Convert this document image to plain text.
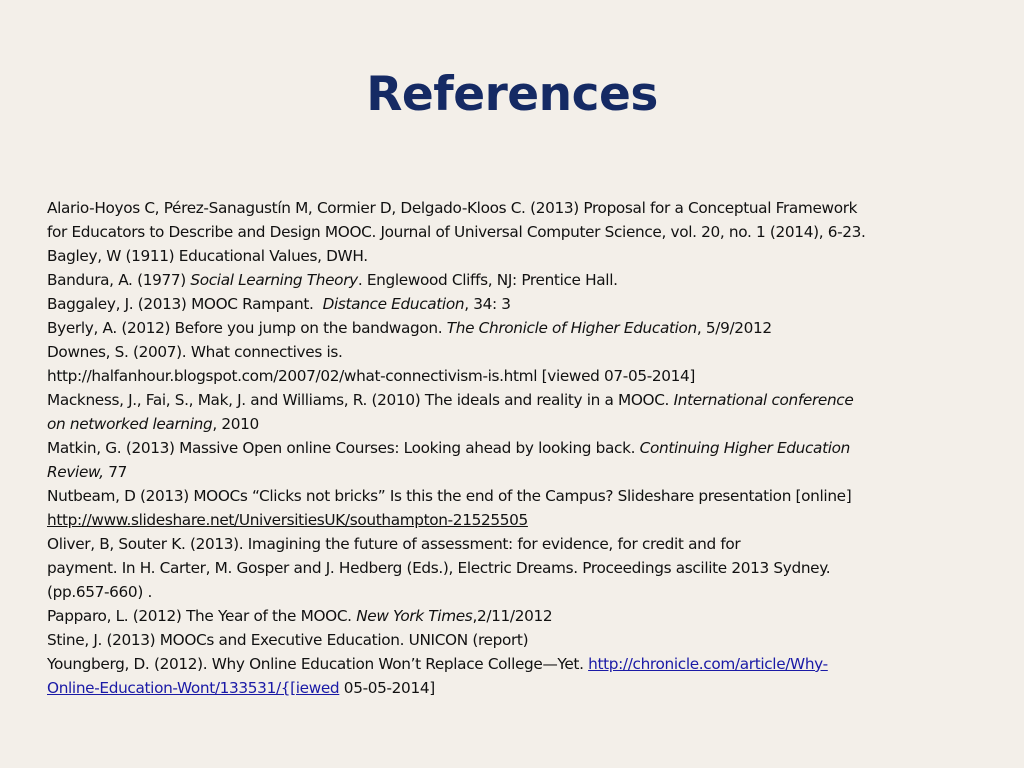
References
Alario-Hoyos C, Pérez-Sanagustín M, Cormier D, Delgado-Kloos C. (2013) Proposal for a Conceptual Framework
for Educators to Describe and Design MOOC. Journal of Universal Computer Science, vol. 20, no. 1 (2014), 6-23.
Bagley, W (1911) Educational Values, DWH.
Bandura, A. (1977) Social Learning Theory. Englewood Cliffs, NJ: Prentice Hall.
Baggaley, J. (2013) MOOC Rampant.  Distance Education, 34: 3
Byerly, A. (2012) Before you jump on the bandwagon. The Chronicle of Higher Education, 5/9/2012
Downes, S. (2007). What connectives is.
http://halfanhour.blogspot.com/2007/02/what-connectivism-is.html [viewed 07-05-2014]
Mackness, J., Fai, S., Mak, J. and Williams, R. (2010) The ideals and reality in a MOOC. International conference
on networked learning, 2010
Matkin, G. (2013) Massive Open online Courses: Looking ahead by looking back. Continuing Higher Education
Review, 77
Nutbeam, D (2013) MOOCs “Clicks not bricks” Is this the end of the Campus? Slideshare presentation [online]
http://www.slideshare.net/UniversitiesUK/southampton-21525505
Oliver, B, Souter K. (2013). Imagining the future of assessment: for evidence, for credit and for
payment. In H. Carter, M. Gosper and J. Hedberg (Eds.), Electric Dreams. Proceedings ascilite 2013 Sydney.
(pp.657-660) .
Papparo, L. (2012) The Year of the MOOC. New York Times,2/11/2012
Stine, J. (2013) MOOCs and Executive Education. UNICON (report)
Youngberg, D. (2012). Why Online Education Won’t Replace College—Yet. http://chronicle.com/article/Why-
Online-Education-Wont/133531/{[iewed 05-05-2014]
